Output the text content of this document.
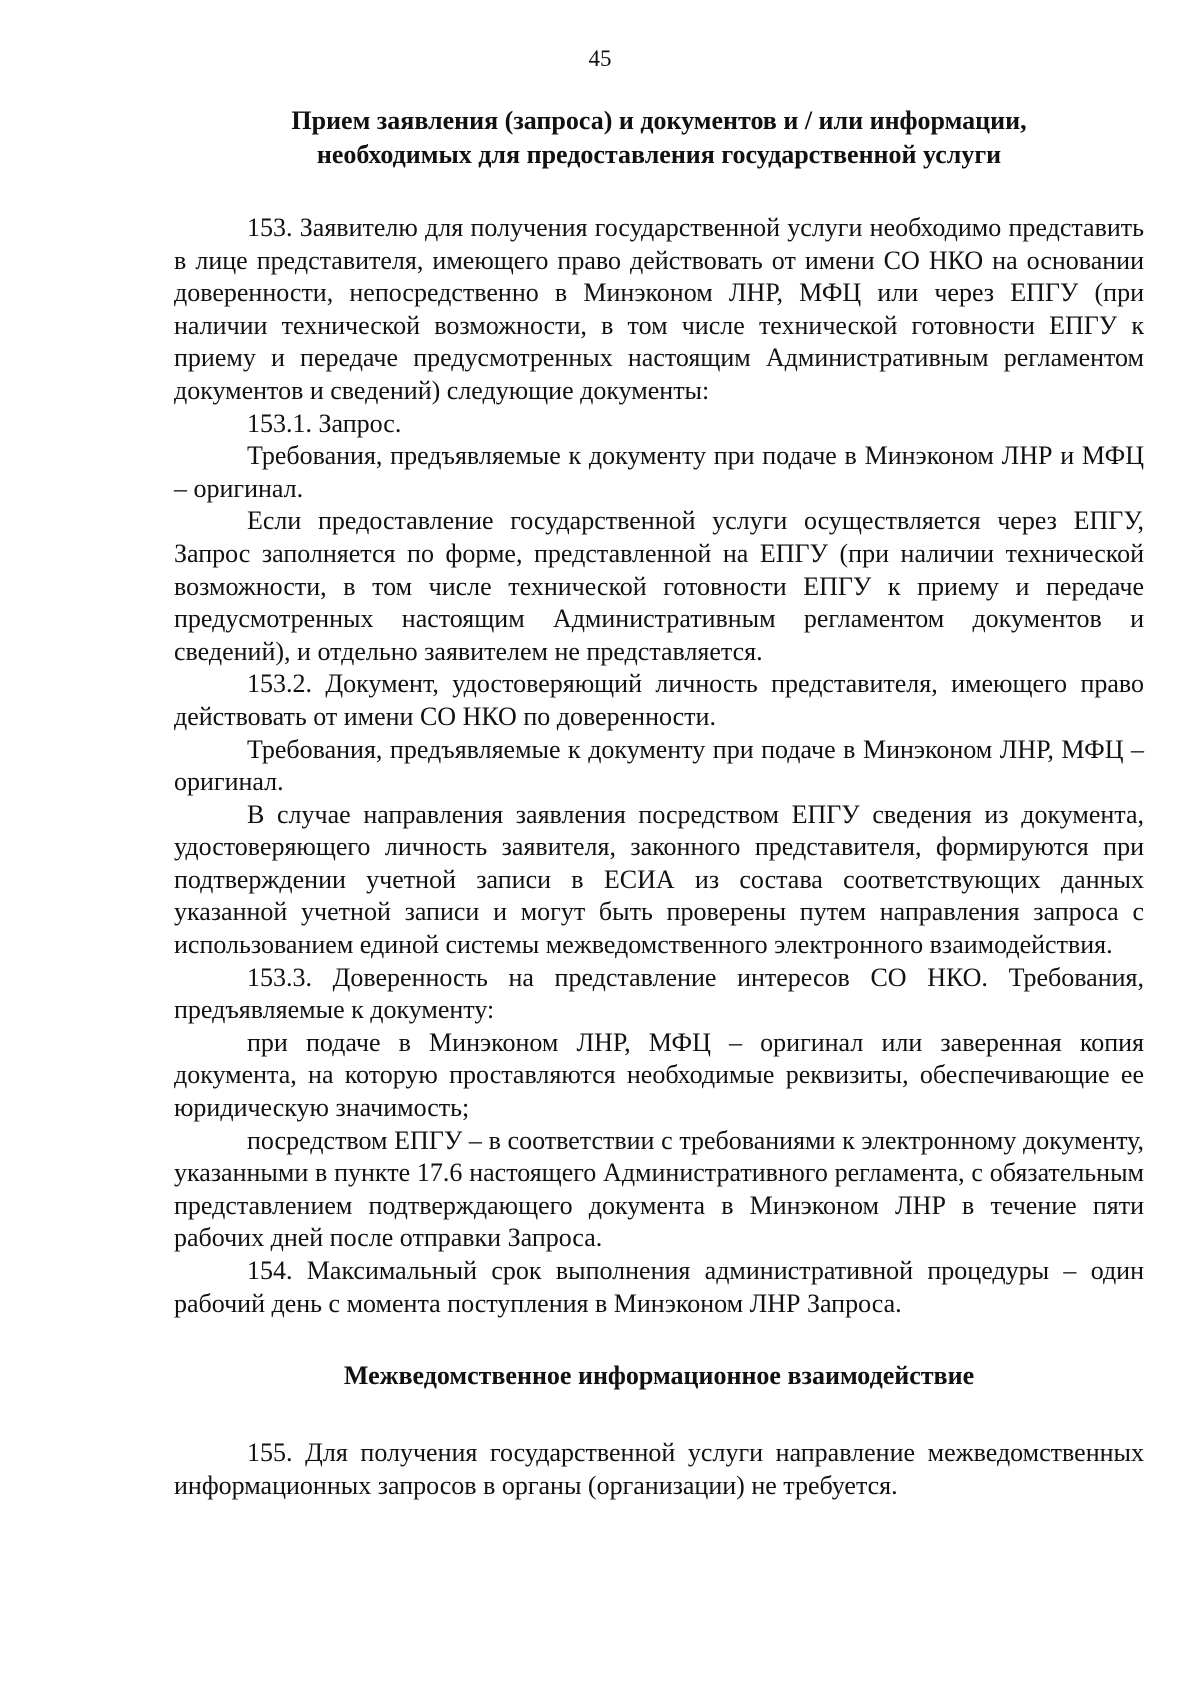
45
Прием заявления (запроса) и документов и / или информации,
необходимых для предоставления государственной услуги

153. Заявителю для получения государственной услуги необходимо представить в лице представителя, имеющего право действовать от имени СО НКО на основании доверенности, непосредственно в Минэконом ЛНР, МФЦ или через ЕПГУ (при наличии технической возможности, в том числе технической готовности ЕПГУ к приему и передаче предусмотренных настоящим Административным регламентом документов и сведений) следующие документы:

153.1. Запрос.

Требования, предъявляемые к документу при подаче в Минэконом ЛНР и МФЦ – оригинал.

Если предоставление государственной услуги осуществляется через ЕПГУ, Запрос заполняется по форме, представленной на ЕПГУ (при наличии технической возможности, в том числе технической готовности ЕПГУ к приему и передаче предусмотренных настоящим Административным регламентом документов и сведений), и отдельно заявителем не представляется.

153.2. Документ, удостоверяющий личность представителя, имеющего право действовать от имени СО НКО по доверенности.

Требования, предъявляемые к документу при подаче в Минэконом ЛНР, МФЦ – оригинал.

В случае направления заявления посредством ЕПГУ сведения из документа, удостоверяющего личность заявителя, законного представителя, формируются при подтверждении учетной записи в ЕСИА из состава соответствующих данных указанной учетной записи и могут быть проверены путем направления запроса с использованием единой системы межведомственного электронного взаимодействия.

153.3. Доверенность на представление интересов СО НКО. Требования, предъявляемые к документу:

при подаче в Минэконом ЛНР, МФЦ – оригинал или заверенная копия документа, на которую проставляются необходимые реквизиты, обеспечивающие ее юридическую значимость;

посредством ЕПГУ – в соответствии с требованиями к электронному документу, указанными в пункте 17.6 настоящего Административного регламента, с обязательным представлением подтверждающего документа в Минэконом ЛНР в течение пяти рабочих дней после отправки Запроса.

154. Максимальный срок выполнения административной процедуры – один рабочий день с момента поступления в Минэконом ЛНР Запроса.

Межведомственное информационное взаимодействие

155. Для получения государственной услуги направление межведомственных информационных запросов в органы (организации) не требуется.
